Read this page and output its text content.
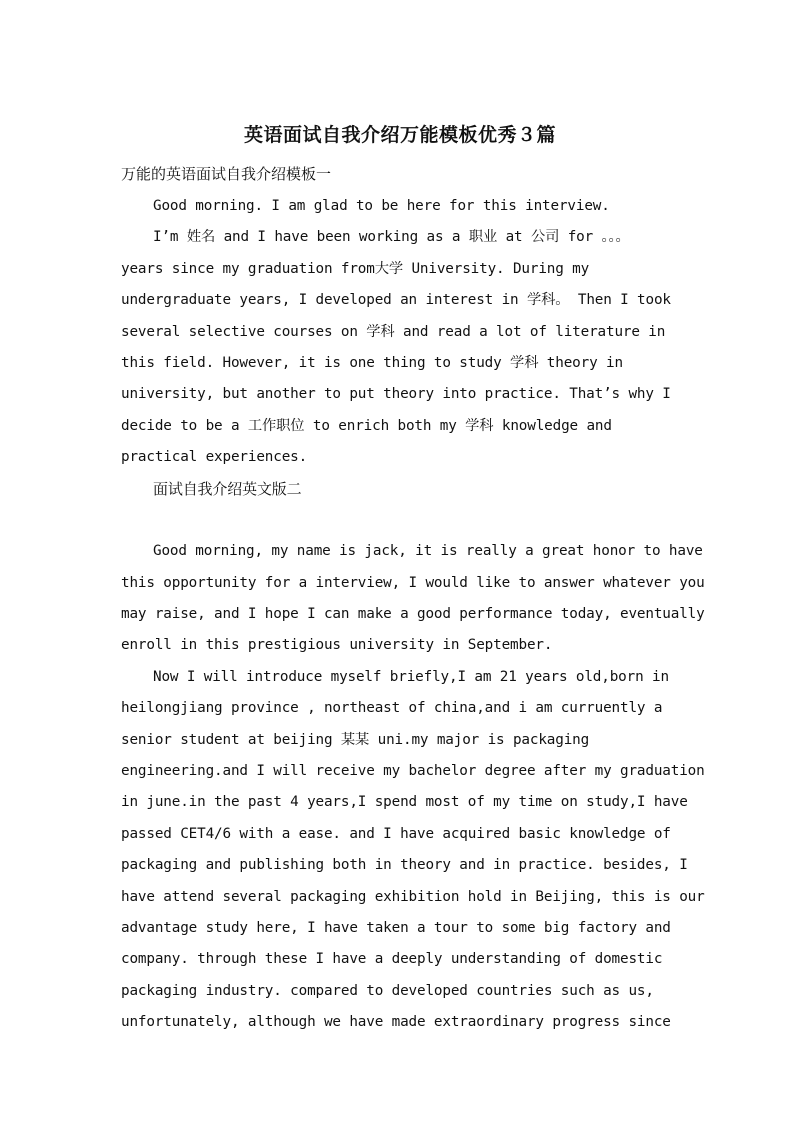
英语面试自我介绍万能模板优秀３篇
万能的英语面试自我介绍模板一
Good morning. I am glad to be here for this interview.
I’m 姓名 and I have been working as a 职业 at 公司 for 。。。
years since my graduation from大学 University. During my
undergraduate years, I developed an interest in 学科。 Then I took
several selective courses on 学科 and read a lot of literature in
this field. However, it is one thing to study 学科 theory in
university, but another to put theory into practice. That’s why I
decide to be a 工作职位 to enrich both my 学科 knowledge and
practical experiences.
面试自我介绍英文版二
Good morning, my name is jack, it is really a great honor to have
this opportunity for a interview, I would like to answer whatever you
may raise, and I hope I can make a good performance today, eventually
enroll in this prestigious university in September.
Now I will introduce myself briefly,I am 21 years old,born in
heilongjiang province , northeast of china,and i am curruently a
senior student at beijing 某某 uni.my major is packaging
engineering.and I will receive my bachelor degree after my graduation
in june.in the past 4 years,I spend most of my time on study,I have
passed CET4/6 with a ease. and I have acquired basic knowledge of
packaging and publishing both in theory and in practice. besides, I
have attend several packaging exhibition hold in Beijing, this is our
advantage study here, I have taken a tour to some big factory and
company. through these I have a deeply understanding of domestic
packaging industry. compared to developed countries such as us,
unfortunately, although we have made extraordinary progress since
